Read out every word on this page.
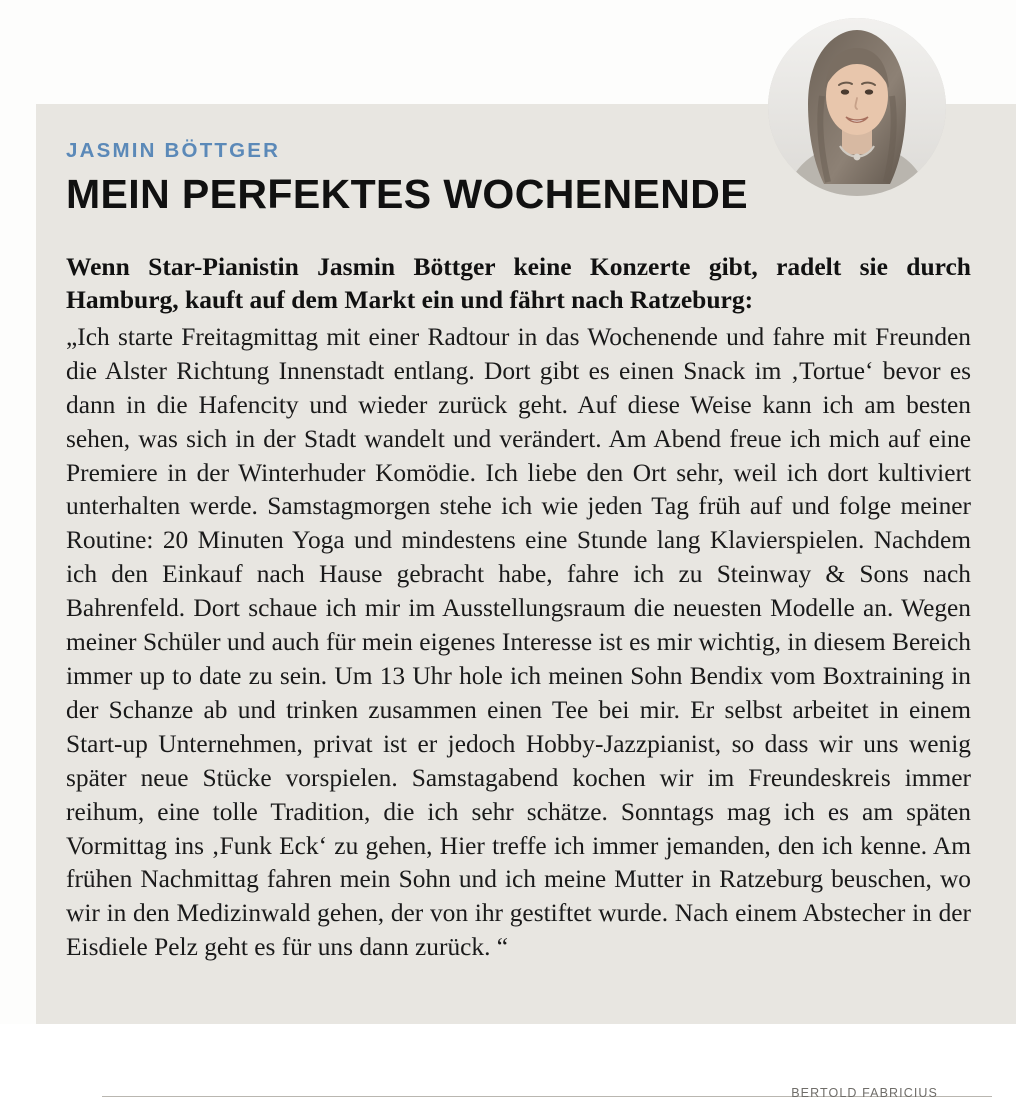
JASMIN BÖTTGER
MEIN PERFEKTES WOCHENENDE

Wenn Star-Pianistin Jasmin Böttger keine Konzerte gibt, radelt sie durch Hamburg, kauft auf dem Markt ein und fährt nach Ratzeburg:

„Ich starte Freitagmittag mit einer Radtour in das Wochenende und fahre mit Freunden die Alster Richtung Innenstadt entlang. Dort gibt es einen Snack im ‚Tortue‘ bevor es dann in die Hafencity und wieder zurück geht. Auf diese Weise kann ich am besten sehen, was sich in der Stadt wandelt und verändert. Am Abend freue ich mich auf eine Premiere in der Winterhuder Komödie. Ich liebe den Ort sehr, weil ich dort kultiviert unterhalten werde. Samstagmorgen stehe ich wie jeden Tag früh auf und folge meiner Routine: 20 Minuten Yoga und mindestens eine Stunde lang Klavierspielen. Nachdem ich den Einkauf nach Hause gebracht habe, fahre ich zu Steinway & Sons nach Bahrenfeld. Dort schaue ich mir im Ausstellungsraum die neuesten Modelle an. Wegen meiner Schüler und auch für mein eigenes Interesse ist es mir wichtig, in diesem Bereich immer up to date zu sein. Um 13 Uhr hole ich meinen Sohn Bendix vom Boxtraining in der Schanze ab und trinken zusammen einen Tee bei mir. Er selbst arbeitet in einem Start-up Unternehmen, privat ist er jedoch Hobby-Jazzpianist, so dass wir uns wenig später neue Stücke vorspielen. Samstagabend kochen wir im Freundeskreis immer reihum, eine tolle Tradition, die ich sehr schätze. Sonntags mag ich es am späten Vormittag ins ‚Funk Eck‘ zu gehen, Hier treffe ich immer jemanden, den ich kenne. Am frühen Nachmittag fahren mein Sohn und ich meine Mutter in Ratzeburg beuschen, wo wir in den Medizinwald gehen, der von ihr gestiftet wurde. Nach einem Abstecher in der Eisdiele Pelz geht es für uns dann zurück. “

BERTOLD FABRICIUS
